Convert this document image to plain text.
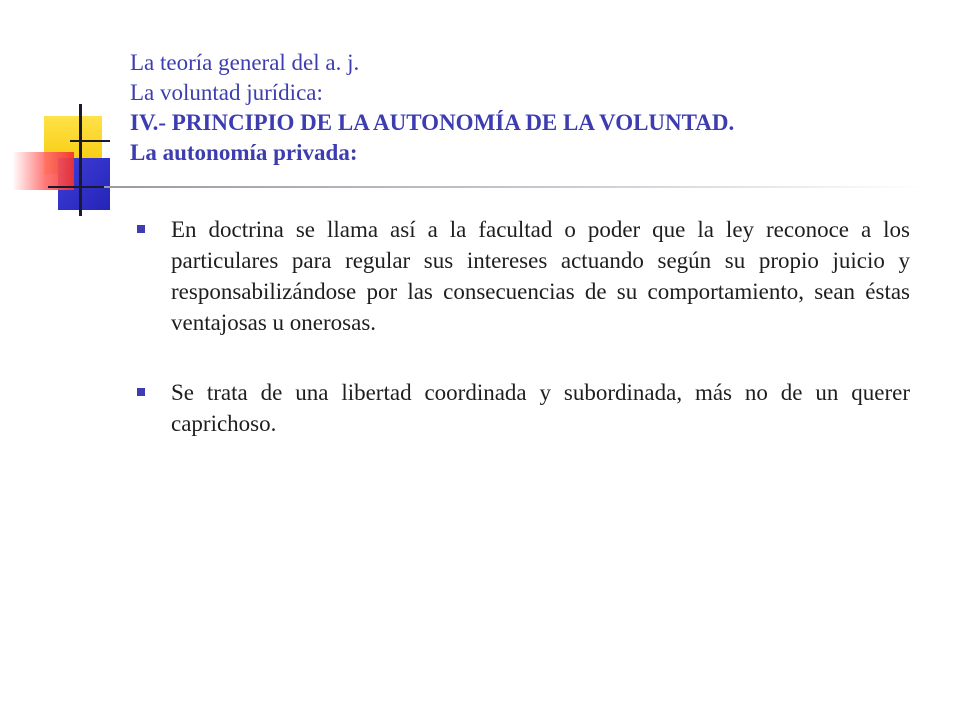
La teoría general del a. j.
La voluntad jurídica:
IV.- PRINCIPIO DE LA AUTONOMÍA DE LA VOLUNTAD.
La autonomía privada:
En doctrina se llama así a la facultad o poder que la ley reconoce a los particulares para regular sus intereses actuando según su propio juicio y responsabilizándose por las consecuencias de su comportamiento, sean éstas ventajosas u onerosas.
Se trata de una libertad coordinada y subordinada, más no de un querer caprichoso.
